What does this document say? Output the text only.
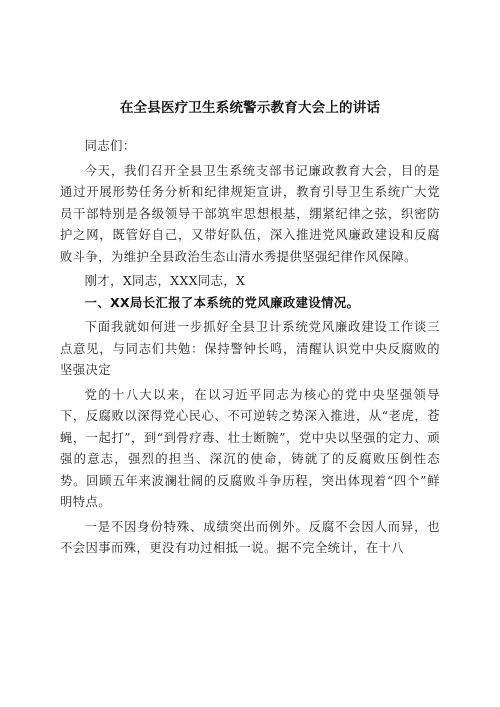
在全县医疗卫生系统警示教育大会上的讲话

同志们：

今天，我们召开全县卫生系统支部书记廉政教育大会，目的是通过开展形势任务分析和纪律规矩宣讲，教育引导卫生系统广大党员干部特别是各级领导干部筑牢思想根基，绷紧纪律之弦，织密防护之网，既管好自己，又带好队伍，深入推进党风廉政建设和反腐败斗争，为维护全县政治生态山清水秀提供坚强纪律作风保障。

刚才，X同志，XXX同志，X

一、XX局长汇报了本系统的党风廉政建设情况。

下面我就如何进一步抓好全县卫计系统党风廉政建设工作谈三点意见，与同志们共勉：保持警钟长鸣，清醒认识党中央反腐败的坚强决定

党的十八大以来，在以习近平同志为核心的党中央坚强领导下，反腐败以深得党心民心、不可逆转之势深入推进，从“老虎，苍蝇，一起打”，到“到骨疗毒、壮士断腕”，党中央以坚强的定力、顽强的意志，强烈的担当、深沉的使命，铸就了的反腐败压倒性态势。回顾五年来波澜壮阔的反腐败斗争历程，突出体现着“四个”鲜明特点。

一是不因身份特殊、成绩突出而例外。反腐不会因人而异，也不会因事而殊，更没有功过相抵一说。据不完全统计，在十八
